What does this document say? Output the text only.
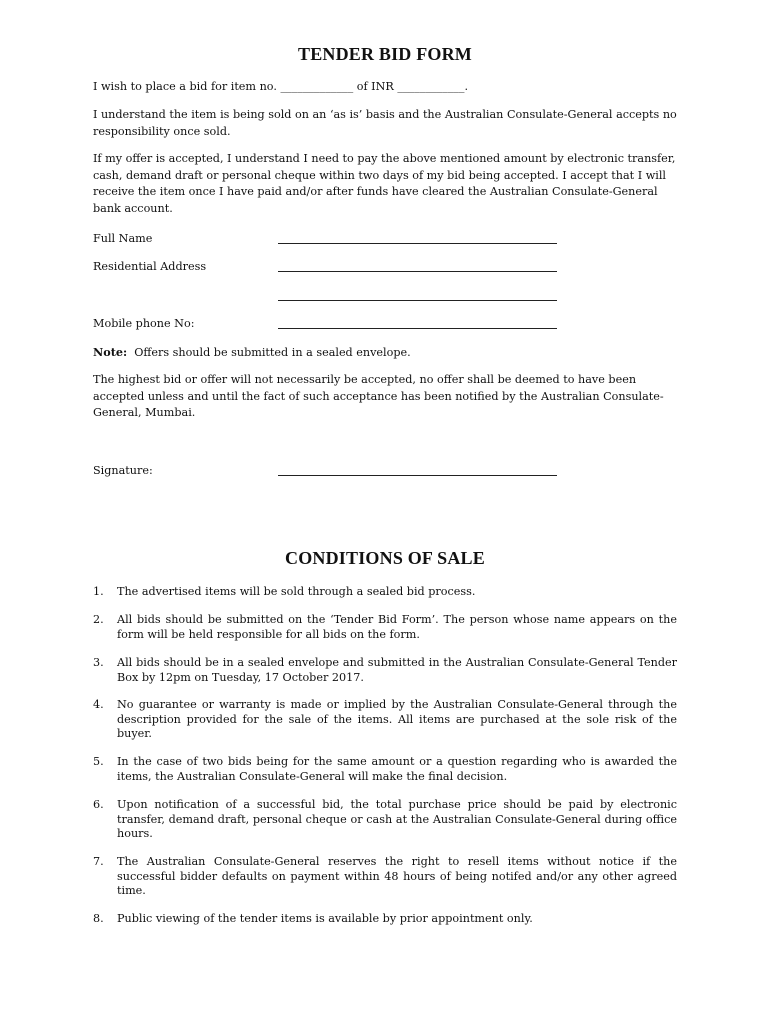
TENDER BID FORM

I wish to place a bid for item no. _____________ of INR ____________.

I understand the item is being sold on an ‘as is’ basis and the Australian Consulate-General accepts no responsibility once sold.

If my offer is accepted, I understand I need to pay the above mentioned amount by electronic transfer, cash, demand draft or personal cheque within two days of my bid being accepted. I accept that I will receive the item once I have paid and/or after funds have cleared the Australian Consulate-General bank account.

Full Name
Residential Address
Mobile phone No:

Note: Offers should be submitted in a sealed envelope.

The highest bid or offer will not necessarily be accepted, no offer shall be deemed to have been accepted unless and until the fact of such acceptance has been notified by the Australian Consulate-General, Mumbai.

Signature:
CONDITIONS OF SALE
1. The advertised items will be sold through a sealed bid process.
2. All bids should be submitted on the ‘Tender Bid Form’. The person whose name appears on the form will be held responsible for all bids on the form.
3. All bids should be in a sealed envelope and submitted in the Australian Consulate-General Tender Box by 12pm on Tuesday, 17 October 2017.
4. No guarantee or warranty is made or implied by the Australian Consulate-General through the description provided for the sale of the items. All items are purchased at the sole risk of the buyer.
5. In the case of two bids being for the same amount or a question regarding who is awarded the items, the Australian Consulate-General will make the final decision.
6. Upon notification of a successful bid, the total purchase price should be paid by electronic transfer, demand draft, personal cheque or cash at the Australian Consulate-General during office hours.
7. The Australian Consulate-General reserves the right to resell items without notice if the successful bidder defaults on payment within 48 hours of being notifed and/or any other agreed time.
8. Public viewing of the tender items is available by prior appointment only.
